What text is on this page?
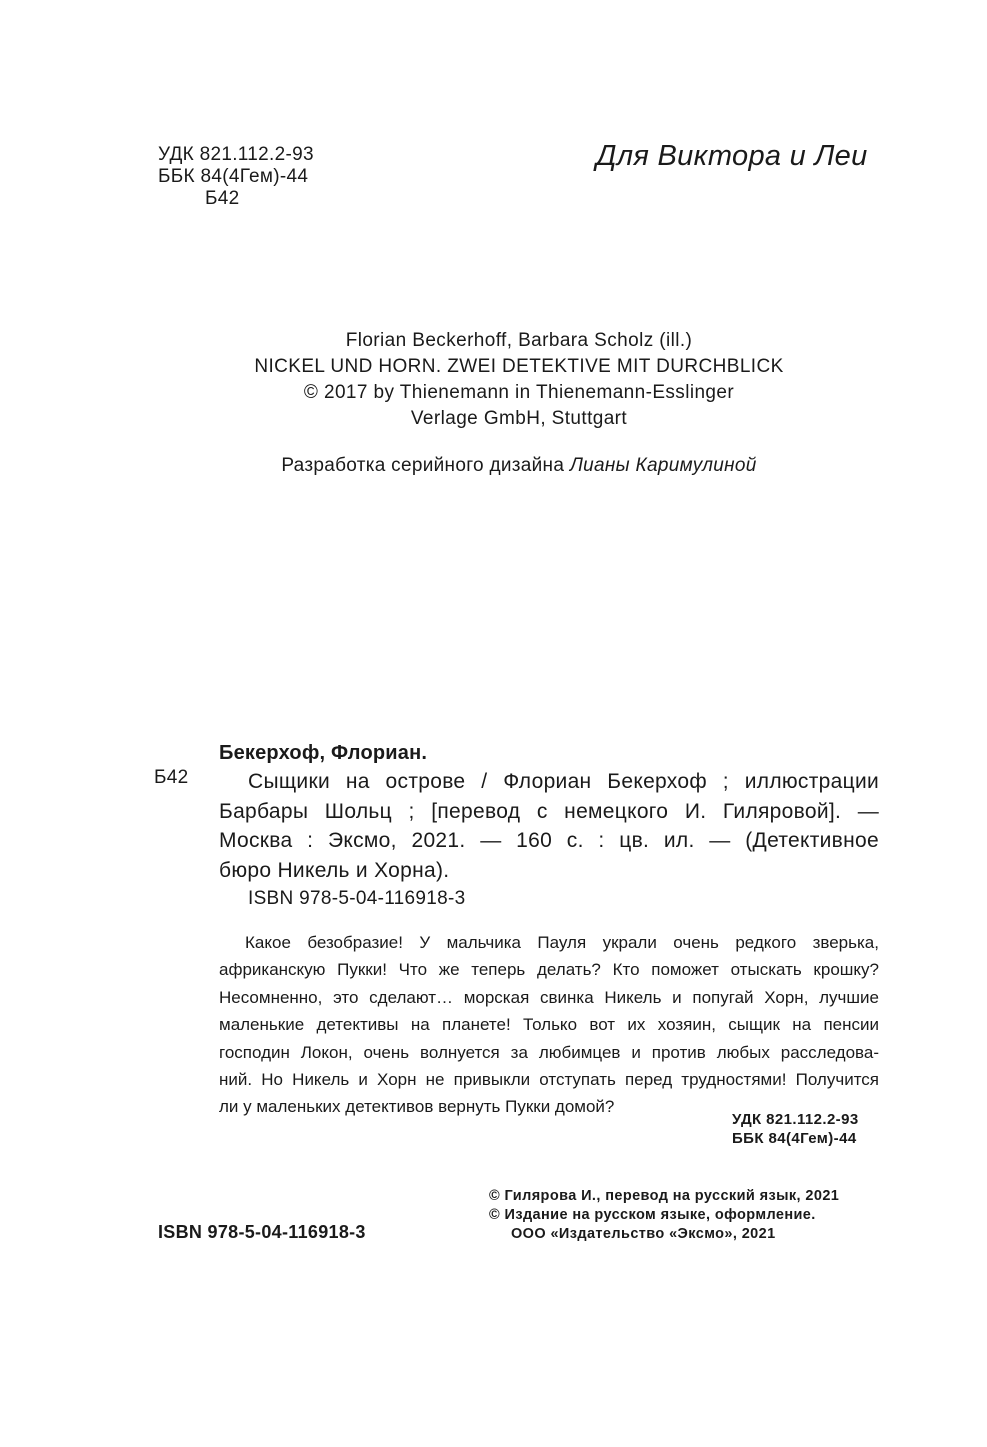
УДК 821.112.2-93
ББК 84(4Гем)-44
Б42
Для Виктора и Леи
Florian Beckerhoff, Barbara Scholz (ill.)
NICKEL UND HORN. ZWEI DETEKTIVE MIT DURCHBLICK
© 2017 by Thienemann in Thienemann-Esslinger
Verlage GmbH, Stuttgart
Разработка серийного дизайна Лианы Каримулиной
Б42
Бекерхоф, Флориан.
Сыщики на острове / Флориан Бекерхоф ; иллюстрации
Барбары Шольц ; [перевод с немецкого И. Гиляровой]. —
Москва : Эксмо, 2021. — 160 с. : цв. ил. — (Детективное
бюро Никель и Хорна).
ISBN 978-5-04-116918-3
Какое безобразие! У мальчика Пауля украли очень редкого зверька,
африканскую Пукки! Что же теперь делать? Кто поможет отыскать крошку?
Несомненно, это сделают… морская свинка Никель и попугай Хорн, лучшие
маленькие детективы на планете! Только вот их хозяин, сыщик на пенсии
господин Локон, очень волнуется за любимцев и против любых расследова-
ний. Но Никель и Хорн не привыкли отступать перед трудностями! Получится
ли у маленьких детективов вернуть Пукки домой?
УДК 821.112.2-93
ББК 84(4Гем)-44
ISBN 978-5-04-116918-3
© Гилярова И., перевод на русский язык, 2021
© Издание на русском языке, оформление.
ООО «Издательство «Эксмо», 2021
